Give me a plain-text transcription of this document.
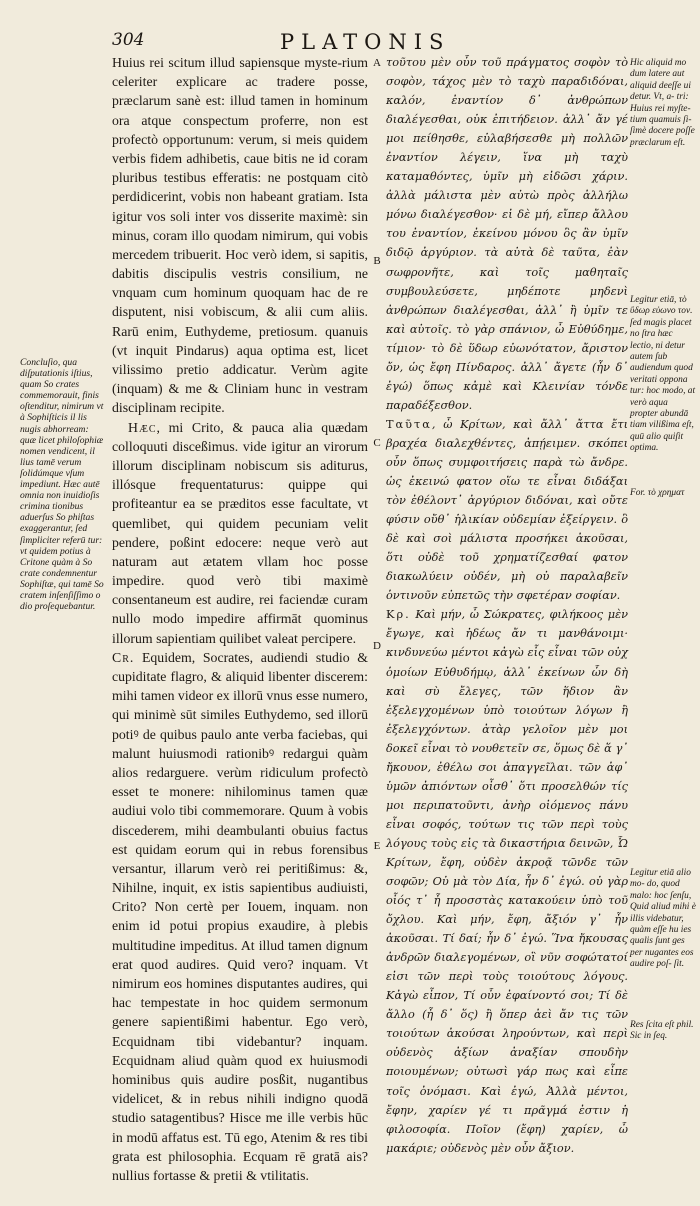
304	PLATONIS
Concluſio, qua diſputationis iſtius, quam So crates commemorauit, finis oſtenditur, nimirum vt à Sophiſticis il lis nugis abhorream: quæ licet philoſophiæ nomen vendicent, il lius tamē verum ſolidúmque vſum impediunt. Hæc autē omnia non inuidioſis crimina tionibus aduerſus So phiſtas exaggerantur, ſed ſimpliciter referū tur: vt quidem potius à Critone quàm à So crate condemnentur Sophiſtæ, qui tamē So cratem inſenſiſſimo o dio proſequebantur.

Huius rei scitum illud sapiensque myste-rium celeriter explicare ac tradere posse, præclarum sanè est: illud tamen in hominum ora atque conspectum proferre, non est profectò opportunum: verum, si meis quidem verbis fidem adhibetis, caue bitis ne id coram pluribus testibus efferatis: ne postquam citò perdidicerint, vobis non habeant gratiam. Ista igitur vos soli inter vos disserite maximè: sin minus, coram illo quodam nimirum, qui vobis mercedem tribuerit. Hoc verò idem, si sapitis, dabitis discipulis vestris consilium, ne vnquam cum hominum quoquam hac de re disputent, nisi vobiscum, & alii cum aliis. Rarū enim, Euthydeme, pretiosum. quanuis (vt inquit Pindarus) aqua optima est, licet vilissimo pretio addicatur. Verùm agite (inquam) & me & Cliniam hunc in vestram disciplinam recipite.

Hæc, mi Crito, & pauca alia quædam colloquuti disceßimus. vide igitur an virorum illorum disciplinam nobiscum sis aditurus, illósque frequentaturus: quippe qui profiteantur ea se præditos esse facultate, vt quemlibet, qui quidem pecuniam velit pendere, poßint edocere: neque verò aut naturam aut ætatem vllam hoc posse impedire. quod verò tibi maximè consentaneum est audire, rei faciendæ curam nullo modo impedire affirmāt quominus illorum sapientiam quilibet valeat percipere.

Cr. Equidem, Socrates, audiendi studio & cupiditate flagro, & aliquid libenter discerem: mihi tamen videor ex illorū vnus esse numero, qui minimè sūt similes Euthydemo, sed illorū potiꝰ de quibus paulo ante verba faciebas, qui malunt huiusmodi rationibꝰ redargui quàm alios redarguere. verùm ridiculum profectò esset te monere: nihilominus tamen quæ audiui volo tibi commemorare. Quum à vobis discederem, mihi deambulanti obuius factus est quidam eorum qui in rebus forensibus versantur, illarum verò rei peritißimus: &, Nihilne, inquit, ex istis sapientibus audiuisti, Crito? Non certè per Iouem, inquam. non enim id potui propius exaudire, à plebis multitudine impeditus. At illud tamen dignum erat quod audires. Quid vero? inquam. Vt nimirum eos homines disputantes audires, qui hac tempestate in hoc quidem sermonum genere sapientißimi habentur. Ego verò, Ecquidnam tibi videbantur? inquam. Ecquidnam aliud quàm quod ex huiusmodi hominibus quis audire posßit, nugantibus videlicet, & in rebus nihili indigno quodā studio satagentibus? Hisce me ille verbis hūc in modū affatus est. Tū ego, Atenim & res tibi grata est philosophia. Ecquam rē gratā ais? nullius fortasse & pretii & vtilitatis.

A
B
C
D
E

τοῦτου μὲν οὖν τοῦ πράγματος σοφὸν τὸ σοφὸν, τάχος μὲν τὸ ταχὺ παραδιδόναι, καλόν, ἐναντίον δ᾽ ἀνθρώπων διαλέγεσθαι, οὐκ ἐπιτήδειον. ἀλλ᾽ ἄν γέ μοι πείθησθε, εὐλαβήσεσθε μὴ πολλῶν ἐναντίον λέγειν, ἵνα μὴ ταχὺ καταμαθόντες, ὑμῖν μὴ εἰδῶσι χάριν. ἀλλὰ μάλιστα μὲν αὐτὼ πρὸς ἀλλήλω μόνω διαλέγεσθον· εἰ δὲ μή, εἴπερ ἄλλου του ἐναντίον, ἐκείνου μόνου ὃς ἂν ὑμῖν διδῷ ἀργύριον. τὰ αὐτὰ δὲ ταῦτα, ἐὰν σωφρονῆτε, καὶ τοῖς μαθηταῖς συμβουλεύσετε, μηδέποτε μηδενὶ ἀνθρώπων διαλέγεσθαι, ἀλλ᾽ ἢ ὑμῖν τε καὶ αὑτοῖς. τὸ γὰρ σπάνιον, ὦ Εὐθύδημε, τίμιον· τὸ δὲ ὕδωρ εὐωνότατον, ἄριστον ὄν, ὡς ἔφη Πίνδαρος. ἀλλ᾽ ἄγετε (ἦν δ᾽ ἐγώ) ὅπως κἀμὲ καὶ Κλεινίαν τόνδε παραδέξεσθον.

Ταῦτα, ὦ Κρίτων, καὶ ἄλλ᾽ ἄττα ἔτι βραχέα διαλεχθέντες, ἀπῄειμεν. σκόπει οὖν ὅπως συμφοιτήσεις παρὰ τὼ ἄνδρε. ὡς ἐκεινώ φατον οἵω τε εἶναι διδάξαι τὸν ἐθέλοντ᾽ ἀργύριον διδόναι, καὶ οὔτε φύσιν οὔθ᾽ ἡλικίαν οὐδεμίαν ἐξείργειν. ὃ δὲ καὶ σοὶ μάλιστα προσήκει ἀκοῦσαι, ὅτι οὐδὲ τοῦ χρηματίζεσθαί φατον διακωλύειν οὐδέν, μὴ οὐ παραλαβεῖν ὁντινοῦν εὐπετῶς τὴν σφετέραν σοφίαν.

Κρ. Καὶ μήν, ὦ Σώκρατες, φιλήκοος μὲν ἔγωγε, καὶ ἡδέως ἄν τι μανθάνοιμι· κινδυνεύω μέντοι κἀγὼ εἷς εἶναι τῶν οὐχ ὁμοίων Εὐθυδήμῳ, ἀλλ᾽ ἐκείνων ὧν δὴ καὶ σὺ ἔλεγες, τῶν ἥδιον ἂν ἐξελεγχομένων ὑπὸ τοιούτων λόγων ἢ ἐξελεγχόντων. ἀτὰρ γελοῖον μὲν μοι δοκεῖ εἶναι τὸ νουθετεῖν σε, ὅμως δὲ ἅ γ᾽ ἤκουον, ἐθέλω σοι ἀπαγγεῖλαι. τῶν ἀφ᾽ ὑμῶν ἀπιόντων οἶσθ᾽ ὅτι προσελθών τίς μοι περιπατοῦντι, ἀνὴρ οἰόμενος πάνυ εἶναι σοφός, τούτων τις τῶν περὶ τοὺς λόγους τοὺς εἰς τὰ δικαστήρια δεινῶν, Ὦ Κρίτων, ἔφη, οὐδὲν ἀκροᾷ τῶνδε τῶν σοφῶν; Οὐ μὰ τὸν Δία, ἦν δ᾽ ἐγώ. οὐ γὰρ οἷός τ᾽ ἦ προσστὰς κατακούειν ὑπὸ τοῦ ὄχλου. Καὶ μήν, ἔφη, ἄξιόν γ᾽ ἦν ἀκοῦσαι. Τί δαί; ἦν δ᾽ ἐγώ. Ἵνα ἤκουσας ἀνδρῶν διαλεγομένων, οἳ νῦν σοφώτατοί εἰσι τῶν περὶ τοὺς τοιούτους λόγους. Κἀγὼ εἶπον, Τί οὖν ἐφαίνοντό σοι; Τί δὲ ἄλλο (ἦ δ᾽ ὅς) ἢ ὅπερ ἀεὶ ἄν τις τῶν τοιούτων ἀκούσαι ληρούντων, καὶ περὶ οὐδενὸς ἀξίων ἀναξίαν σπουδὴν ποιουμένων; οὑτωσὶ γάρ πως καὶ εἶπε τοῖς ὀνόμασι. Καὶ ἐγώ, Ἀλλὰ μέντοι, ἔφην, χαρίεν γέ τι πρᾶγμά ἐστιν ἡ φιλοσοφία. Ποῖον (ἔφη) χαρίεν, ὦ μακάριε; οὐδενὸς μὲν οὖν ἄξιον.

Hic aliquid mo dum latere aut aliquid deeſſe ui detur. Vt, a- tri: Huius rei myſte- tium quamuis ſi- ſimè docere poſſe præclarum eſt.
Legitur etiā, τὸ ὕδωρ εὐωνο τον. ſed magis placet no ſtra hæc lectio, ni detur autem ſub audiendum quod veritati oppona tur: hoc modo, at verò aqua propter abundā tiam vilißima eſt, quū alio quiſit optima.
For. τὸ χρηματ
Legitur etiā alio mo- do, quod malo: hoc ſenſu, Quid aliud mihi è illis videbatur, quàm eſſe hu ies qualis ſunt ges per nugantes eos audire poſ- ſit.
Res ſcita eſt phil. Sic in ſeq.
